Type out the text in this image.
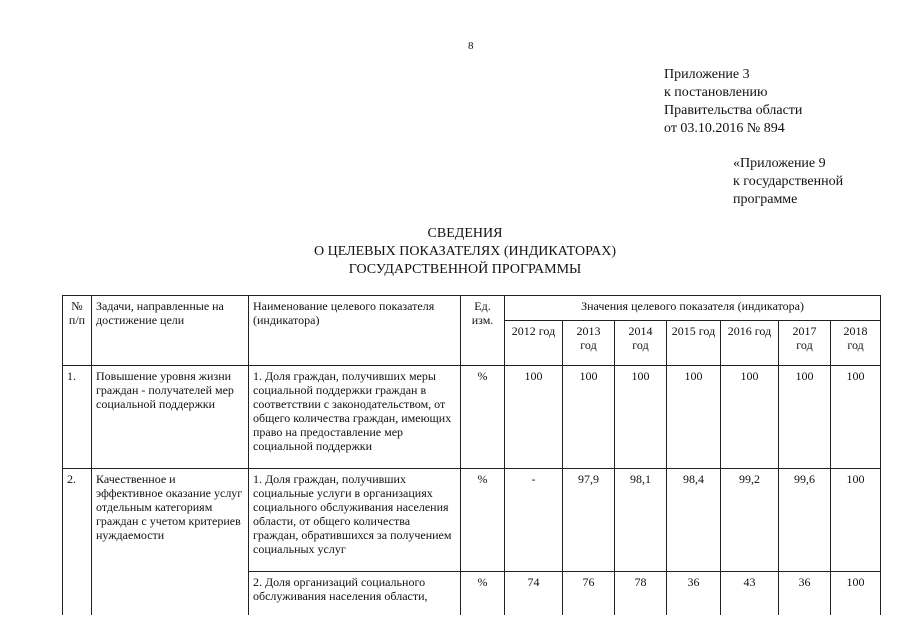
8
Приложение 3
к постановлению
Правительства области
от 03.10.2016 № 894
«Приложение 9
к государственной
программе
СВЕДЕНИЯ
О ЦЕЛЕВЫХ ПОКАЗАТЕЛЯХ (ИНДИКАТОРАХ)
ГОСУДАРСТВЕННОЙ ПРОГРАММЫ
№ п/п	Задачи, направленные на достижение цели	Наименование целевого показателя (индикатора)	Ед. изм.	Значения целевого показателя (индикатора)						
				2012 год	2013 год	2014 год	2015 год	2016 год	2017 год	2018 год
1.	Повышение уровня жизни граждан - получателей мер социальной поддержки	1. Доля граждан, получивших меры социальной поддержки граждан в соответствии с законодательством, от общего количества граждан, имеющих право на предоставление мер социальной поддержки	%	100	100	100	100	100	100	100
2.	Качественное и эффективное оказание услуг отдельным категориям граждан с учетом критериев нуждаемости	1. Доля граждан, получивших социальные услуги в организациях социального обслуживания населения области, от общего количества граждан, обратившихся за получением социальных услуг	%	-	97,9	98,1	98,4	99,2	99,6	100
		2. Доля организаций социального обслуживания населения области,	%	74	76	78	36	43	36	100
